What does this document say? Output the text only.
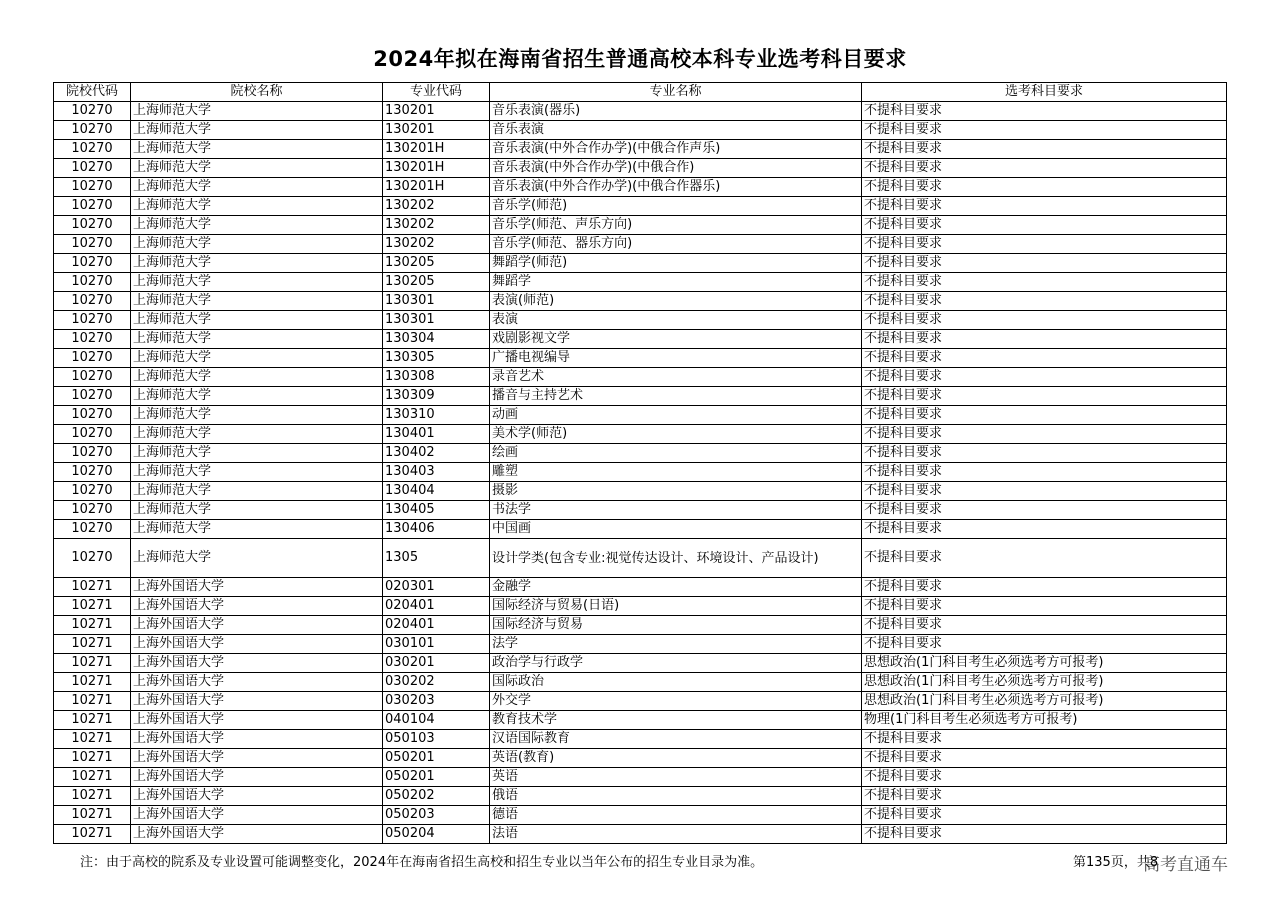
2024年拟在海南省招生普通高校本科专业选考科目要求
院校代码	院校名称	专业代码	专业名称	选考科目要求
10270	上海师范大学	130201	音乐表演(器乐)	不提科目要求
10270	上海师范大学	130201	音乐表演	不提科目要求
10270	上海师范大学	130201H	音乐表演(中外合作办学)(中俄合作声乐)	不提科目要求
10270	上海师范大学	130201H	音乐表演(中外合作办学)(中俄合作)	不提科目要求
10270	上海师范大学	130201H	音乐表演(中外合作办学)(中俄合作器乐)	不提科目要求
10270	上海师范大学	130202	音乐学(师范)	不提科目要求
10270	上海师范大学	130202	音乐学(师范、声乐方向)	不提科目要求
10270	上海师范大学	130202	音乐学(师范、器乐方向)	不提科目要求
10270	上海师范大学	130205	舞蹈学(师范)	不提科目要求
10270	上海师范大学	130205	舞蹈学	不提科目要求
10270	上海师范大学	130301	表演(师范)	不提科目要求
10270	上海师范大学	130301	表演	不提科目要求
10270	上海师范大学	130304	戏剧影视文学	不提科目要求
10270	上海师范大学	130305	广播电视编导	不提科目要求
10270	上海师范大学	130308	录音艺术	不提科目要求
10270	上海师范大学	130309	播音与主持艺术	不提科目要求
10270	上海师范大学	130310	动画	不提科目要求
10270	上海师范大学	130401	美术学(师范)	不提科目要求
10270	上海师范大学	130402	绘画	不提科目要求
10270	上海师范大学	130403	雕塑	不提科目要求
10270	上海师范大学	130404	摄影	不提科目要求
10270	上海师范大学	130405	书法学	不提科目要求
10270	上海师范大学	130406	中国画	不提科目要求
10270	上海师范大学	1305	设计学类(包含专业:视觉传达设计、环境设计、产品设计)	不提科目要求
10271	上海外国语大学	020301	金融学	不提科目要求
10271	上海外国语大学	020401	国际经济与贸易(日语)	不提科目要求
10271	上海外国语大学	020401	国际经济与贸易	不提科目要求
10271	上海外国语大学	030101	法学	不提科目要求
10271	上海外国语大学	030201	政治学与行政学	思想政治(1门科目考生必须选考方可报考)
10271	上海外国语大学	030202	国际政治	思想政治(1门科目考生必须选考方可报考)
10271	上海外国语大学	030203	外交学	思想政治(1门科目考生必须选考方可报考)
10271	上海外国语大学	040104	教育技术学	物理(1门科目考生必须选考方可报考)
10271	上海外国语大学	050103	汉语国际教育	不提科目要求
10271	上海外国语大学	050201	英语(教育)	不提科目要求
10271	上海外国语大学	050201	英语	不提科目要求
10271	上海外国语大学	050202	俄语	不提科目要求
10271	上海外国语大学	050203	德语	不提科目要求
10271	上海外国语大学	050204	法语	不提科目要求
注：由于高校的院系及专业设置可能调整变化，2024年在海南省招生高校和招生专业以当年公布的招生专业目录为准。	第135页，共8
高考直通车
